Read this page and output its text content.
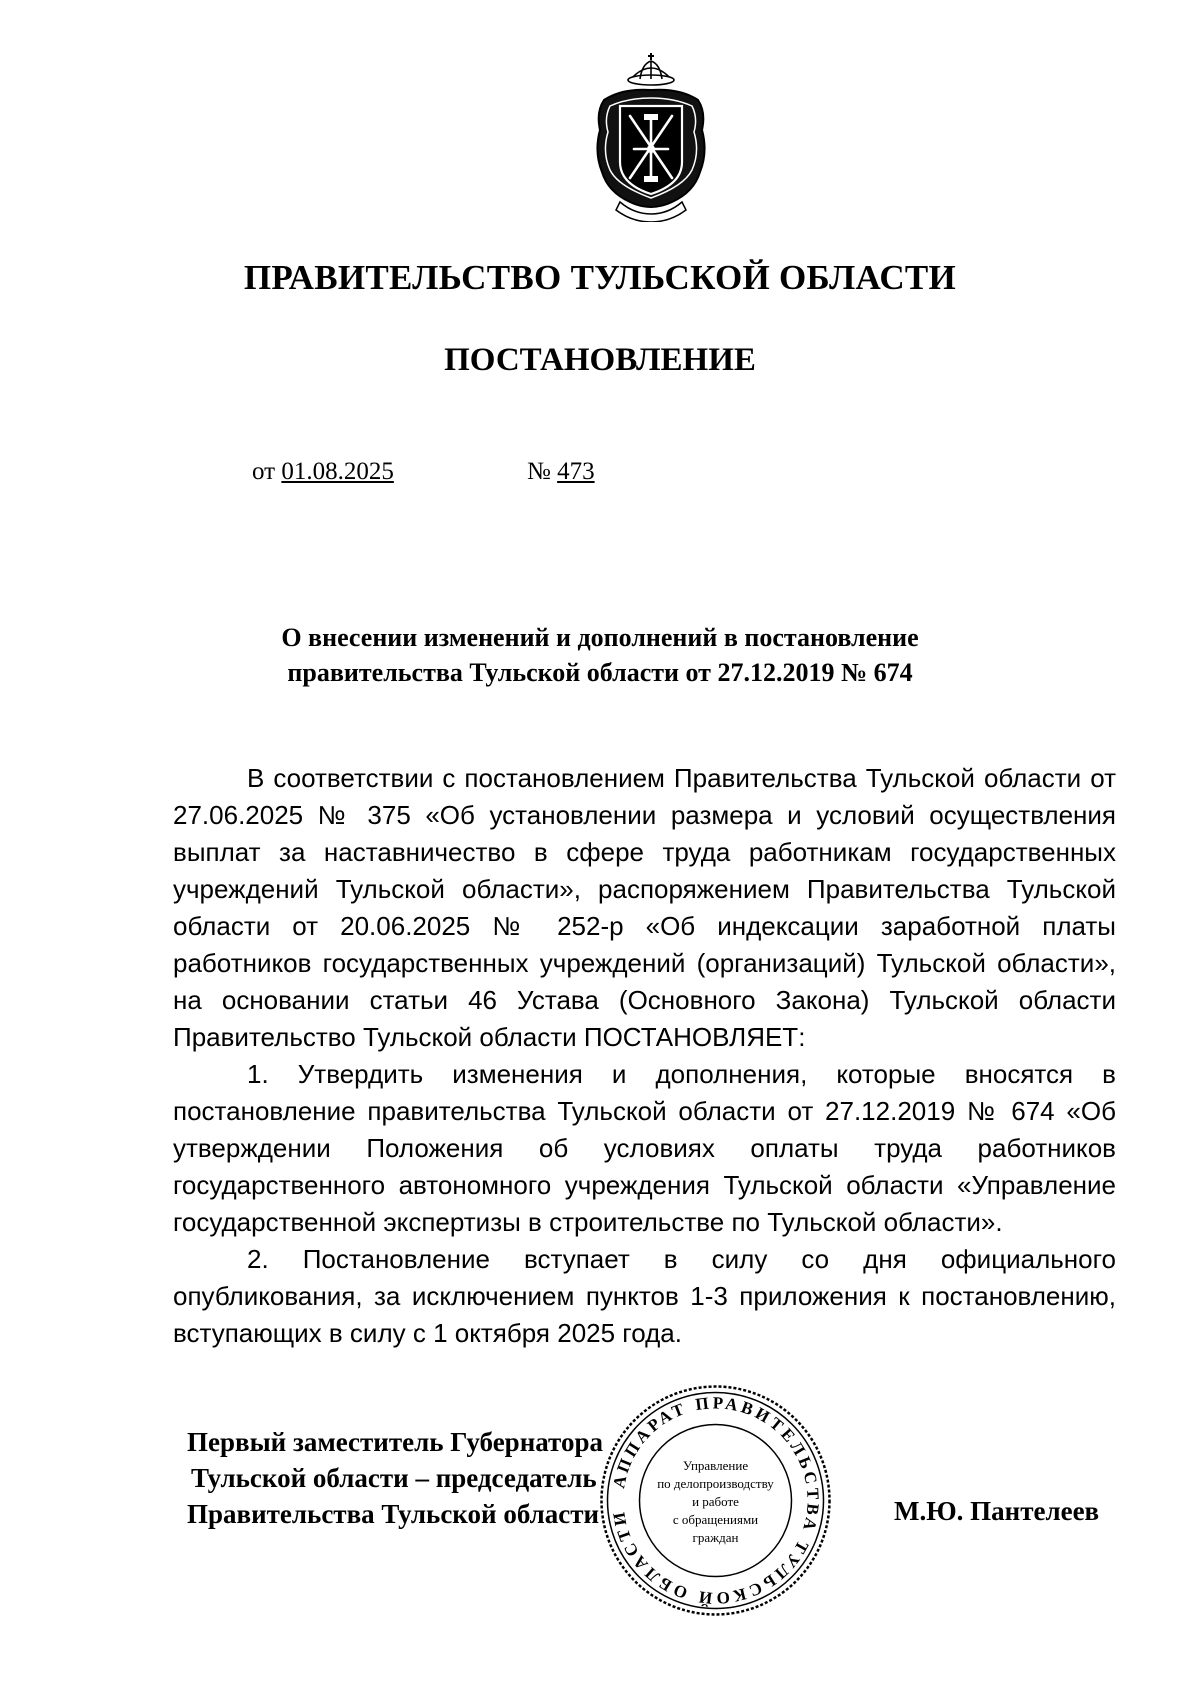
ПРАВИТЕЛЬСТВО ТУЛЬСКОЙ ОБЛАСТИ
ПОСТАНОВЛЕНИЕ
от 01.08.2025	№ 473
О внесении изменений и дополнений в постановление
правительства Тульской области от 27.12.2019 № 674

В соответствии с постановлением Правительства Тульской области от 27.06.2025 № 375 «Об установлении размера и условий осуществления выплат за наставничество в сфере труда работникам государственных учреждений Тульской области», распоряжением Правительства Тульской области от 20.06.2025 № 252-р «Об индексации заработной платы работников государственных учреждений (организаций) Тульской области», на основании статьи 46 Устава (Основного Закона) Тульской области Правительство Тульской области ПОСТАНОВЛЯЕТ:

1. Утвердить изменения и дополнения, которые вносятся в постановление правительства Тульской области от 27.12.2019 № 674 «Об утверждении Положения об условиях оплаты труда работников государственного автономного учреждения Тульской области «Управление государственной экспертизы в строительстве по Тульской области».

2. Постановление вступает в силу со дня официального опубликования, за исключением пунктов 1-3 приложения к постановлению, вступающих в силу с 1 октября 2025 года.

Первый заместитель Губернатора
Тульской области – председатель
Правительства Тульской области	М.Ю. Пантелеев
АППАРАТ ПРАВИТЕЛЬСТВА ТУЛЬСКОЙ ОБЛАСТИ
Управление
по делопроизводству
и работе
с обращениями
граждан
